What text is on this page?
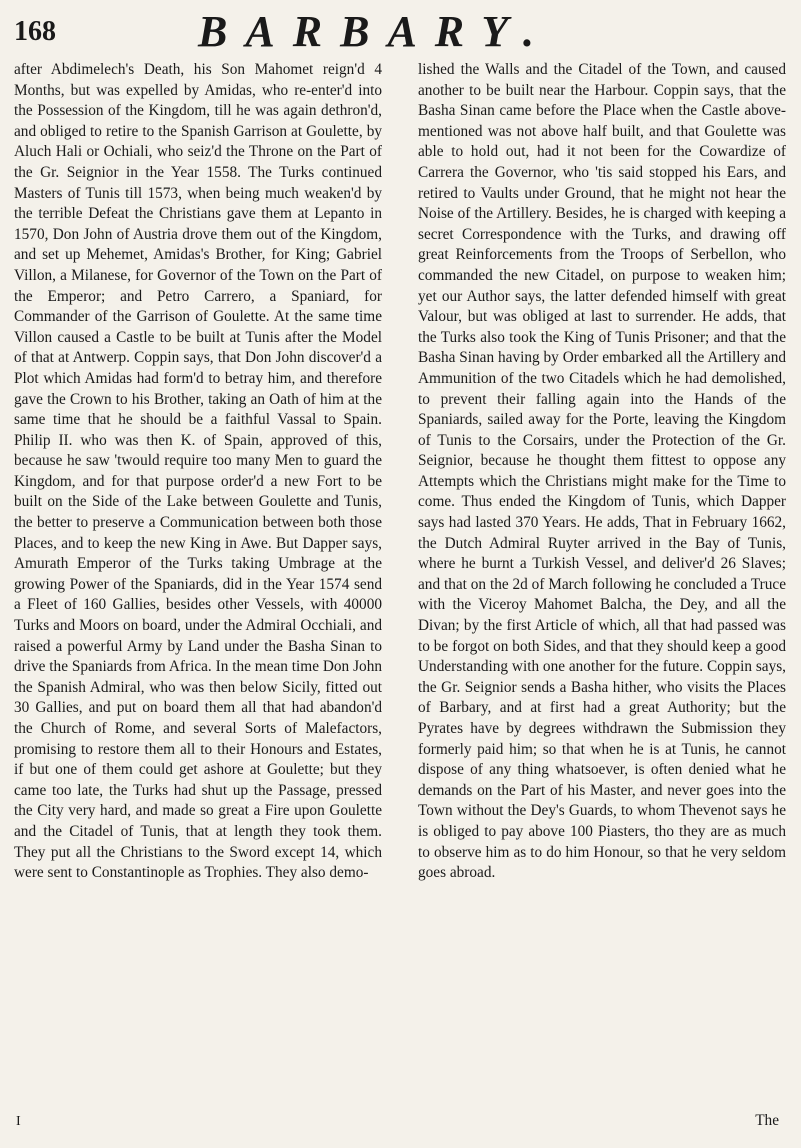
168	BARBARY.

after Abdimelech's Death, his Son Mahomet reign'd 4 Months, but was expelled by Amidas, who re-enter'd into the Possession of the Kingdom, till he was again dethron'd, and obliged to retire to the Spanish Garrison at Goulette, by Aluch Hali or Ochiali, who seiz'd the Throne on the Part of the Gr. Seignior in the Year 1558. The Turks continued Masters of Tunis till 1573, when being much weaken'd by the terrible Defeat the Christians gave them at Lepanto in 1570, Don John of Austria drove them out of the Kingdom, and set up Mehemet, Amidas's Brother, for King; Gabriel Villon, a Milanese, for Governor of the Town on the Part of the Emperor; and Petro Carrero, a Spaniard, for Commander of the Garrison of Goulette. At the same time Villon caused a Castle to be built at Tunis after the Model of that at Antwerp. Coppin says, that Don John discover'd a Plot which Amidas had form'd to betray him, and therefore gave the Crown to his Brother, taking an Oath of him at the same time that he should be a faithful Vassal to Spain. Philip II. who was then K. of Spain, approved of this, because he saw 'twould require too many Men to guard the Kingdom, and for that purpose order'd a new Fort to be built on the Side of the Lake between Goulette and Tunis, the better to preserve a Communication between both those Places, and to keep the new King in Awe. But Dapper says, Amurath Emperor of the Turks taking Umbrage at the growing Power of the Spaniards, did in the Year 1574 send a Fleet of 160 Gallies, besides other Vessels, with 40000 Turks and Moors on board, under the Admiral Occhiali, and raised a powerful Army by Land under the Basha Sinan to drive the Spaniards from Africa. In the mean time Don John the Spanish Admiral, who was then below Sicily, fitted out 30 Gallies, and put on board them all that had abandon'd the Church of Rome, and several Sorts of Malefactors, promising to restore them all to their Honours and Estates, if but one of them could get ashore at Goulette; but they came too late, the Turks had shut up the Passage, pressed the City very hard, and made so great a Fire upon Goulette and the Citadel of Tunis, that at length they took them. They put all the Christians to the Sword except 14, which were sent to Constantinople as Trophies. They also demo-

lished the Walls and the Citadel of the Town, and caused another to be built near the Harbour. Coppin says, that the Basha Sinan came before the Place when the Castle above-mentioned was not above half built, and that Goulette was able to hold out, had it not been for the Cowardize of Carrera the Governor, who 'tis said stopped his Ears, and retired to Vaults under Ground, that he might not hear the Noise of the Artillery. Besides, he is charged with keeping a secret Correspondence with the Turks, and drawing off great Reinforcements from the Troops of Serbellon, who commanded the new Citadel, on purpose to weaken him; yet our Author says, the latter defended himself with great Valour, but was obliged at last to surrender. He adds, that the Turks also took the King of Tunis Prisoner; and that the Basha Sinan having by Order embarked all the Artillery and Ammunition of the two Citadels which he had demolished, to prevent their falling again into the Hands of the Spaniards, sailed away for the Porte, leaving the Kingdom of Tunis to the Corsairs, under the Protection of the Gr. Seignior, because he thought them fittest to oppose any Attempts which the Christians might make for the Time to come. Thus ended the Kingdom of Tunis, which Dapper says had lasted 370 Years. He adds, That in February 1662, the Dutch Admiral Ruyter arrived in the Bay of Tunis, where he burnt a Turkish Vessel, and deliver'd 26 Slaves; and that on the 2d of March following he concluded a Truce with the Viceroy Mahomet Balcha, the Dey, and all the Divan; by the first Article of which, all that had passed was to be forgot on both Sides, and that they should keep a good Understanding with one another for the future. Coppin says, the Gr. Seignior sends a Basha hither, who visits the Places of Barbary, and at first had a great Authority; but the Pyrates have by degrees withdrawn the Submission they formerly paid him; so that when he is at Tunis, he cannot dispose of any thing whatsoever, is often denied what he demands on the Part of his Master, and never goes into the Town without the Dey's Guards, to whom Thevenot says he is obliged to pay above 100 Piasters, tho they are as much to observe him as to do him Honour, so that he very seldom goes abroad.

I	The
